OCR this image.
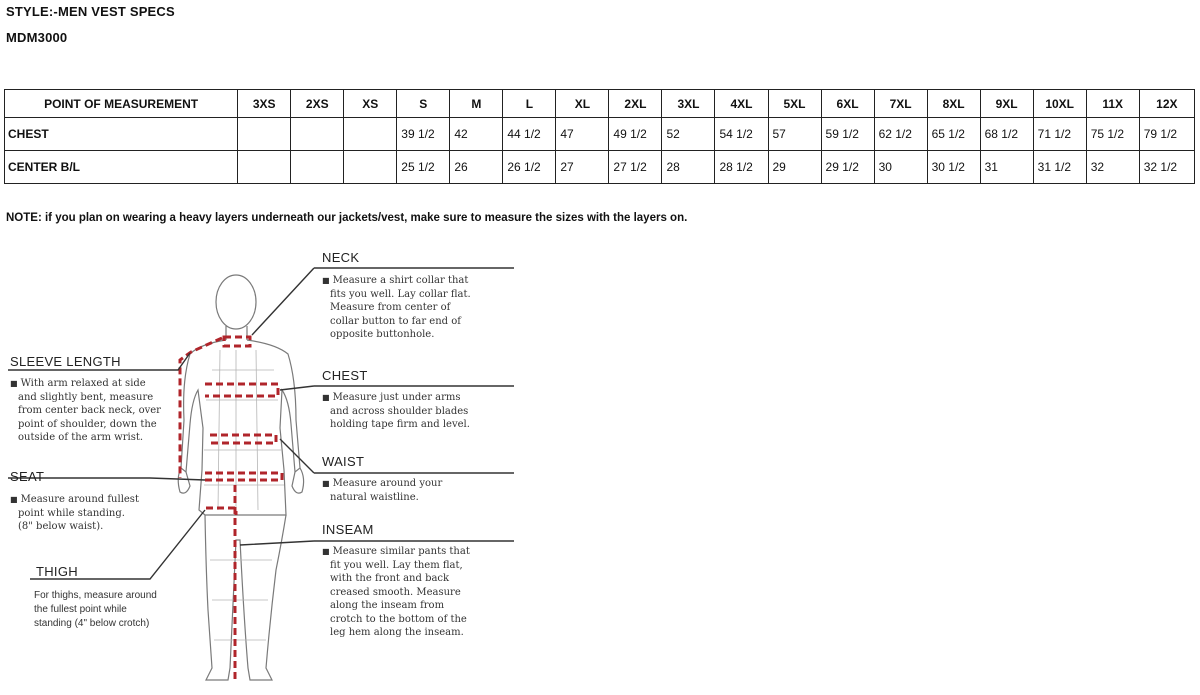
STYLE:-MEN VEST SPECS
MDM3000
POINT OF MEASUREMENT	3XS	2XS	XS	S	M	L	XL	2XL	3XL	4XL	5XL	6XL	7XL	8XL	9XL	10XL	11X	12X
CHEST				39 1/2	42	44 1/2	47	49 1/2	52	54 1/2	57	59 1/2	62 1/2	65 1/2	68 1/2	71 1/2	75 1/2	79 1/2
CENTER B/L				25 1/2	26	26 1/2	27	27 1/2	28	28 1/2	29	29 1/2	30	30 1/2	31	31 1/2	32	32 1/2
NOTE: if you plan on wearing a heavy layers underneath our jackets/vest, make sure to measure the sizes with the layers on.
NECK
■ Measure a shirt collar that
fits you well. Lay collar flat.
Measure from center of
collar button to far end of
opposite buttonhole.
CHEST
■ Measure just under arms
and across shoulder blades
holding tape firm and level.
WAIST
■ Measure around your
natural waistline.
INSEAM
■ Measure similar pants that
fit you well. Lay them flat,
with the front and back
creased smooth. Measure
along the inseam from
crotch to the bottom of the
leg hem along the inseam.
SLEEVE LENGTH
■ With arm relaxed at side
and slightly bent, measure
from center back neck, over
point of shoulder, down the
outside of the arm wrist.
SEAT
■ Measure around fullest
point while standing.
(8" below waist).
THIGH
For thighs, measure around
the fullest point while
standing (4" below crotch)
